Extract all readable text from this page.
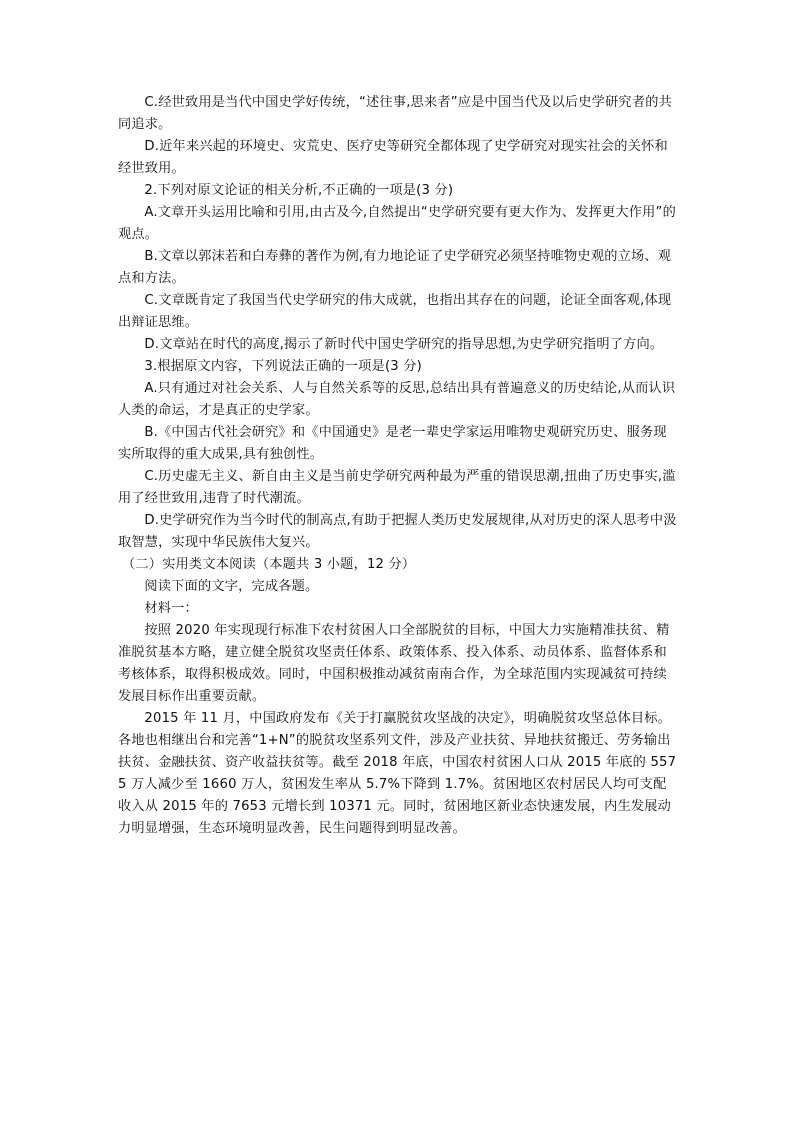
C.经世致用是当代中国史学好传统，“述往事,思来者”应是中国当代及以后史学研究者的共同追求。

D.近年来兴起的环境史、灾荒史、医疗史等研究全都体现了史学研究对现实社会的关怀和经世致用。

2.下列对原文论证的相关分析,不正确的一项是(3 分)

A.文章开头运用比喻和引用,由古及今,自然提出“史学研究要有更大作为、发挥更大作用”的观点。

B.文章以郭沫若和白寿彝的著作为例,有力地论证了史学研究必须坚持唯物史观的立场、观点和方法。

C.文章既肯定了我国当代史学研究的伟大成就，也指出其存在的问题，论证全面客观,体现出辩证思维。

D.文章站在时代的高度,揭示了新时代中国史学研究的指导思想,为史学研究指明了方向。

3.根据原文内容，下列说法正确的一项是(3 分)

A.只有通过对社会关系、人与自然关系等的反思,总结出具有普遍意义的历史结论,从而认识人类的命运，才是真正的史学家。

B.《中国古代社会研究》和《中国通史》是老一辈史学家运用唯物史观研究历史、服务现实所取得的重大成果,具有独创性。

C.历史虚无主义、新自由主义是当前史学研究两种最为严重的错误思潮,扭曲了历史事实,滥用了经世致用,违背了时代潮流。

D.史学研究作为当今时代的制高点,有助于把握人类历史发展规律,从对历史的深人思考中汲取智慧，实现中华民族伟大复兴。

（二）实用类文本阅读（本题共 3 小题，12 分）

阅读下面的文字，完成各题。

材料一：

按照 2020 年实现现行标准下农村贫困人口全部脱贫的目标，中国大力实施精准扶贫、精准脱贫基本方略，建立健全脱贫攻坚责任体系、政策体系、投入体系、动员体系、监督体系和考核体系，取得积极成效。同时，中国积极推动减贫南南合作，为全球范围内实现减贫可持续发展目标作出重要贡献。

2015 年 11 月，中国政府发布《关于打赢脱贫攻坚战的决定》，明确脱贫攻坚总体目标。各地也相继出台和完善“1+N”的脱贫攻坚系列文件，涉及产业扶贫、异地扶贫搬迁、劳务输出扶贫、金融扶贫、资产收益扶贫等。截至 2018 年底，中国农村贫困人口从 2015 年底的 5575 万人减少至 1660 万人，贫困发生率从 5.7%下降到 1.7%。贫困地区农村居民人均可支配收入从 2015 年的 7653 元增长到 10371 元。同时，贫困地区新业态快速发展，内生发展动力明显增强，生态环境明显改善，民生问题得到明显改善。
